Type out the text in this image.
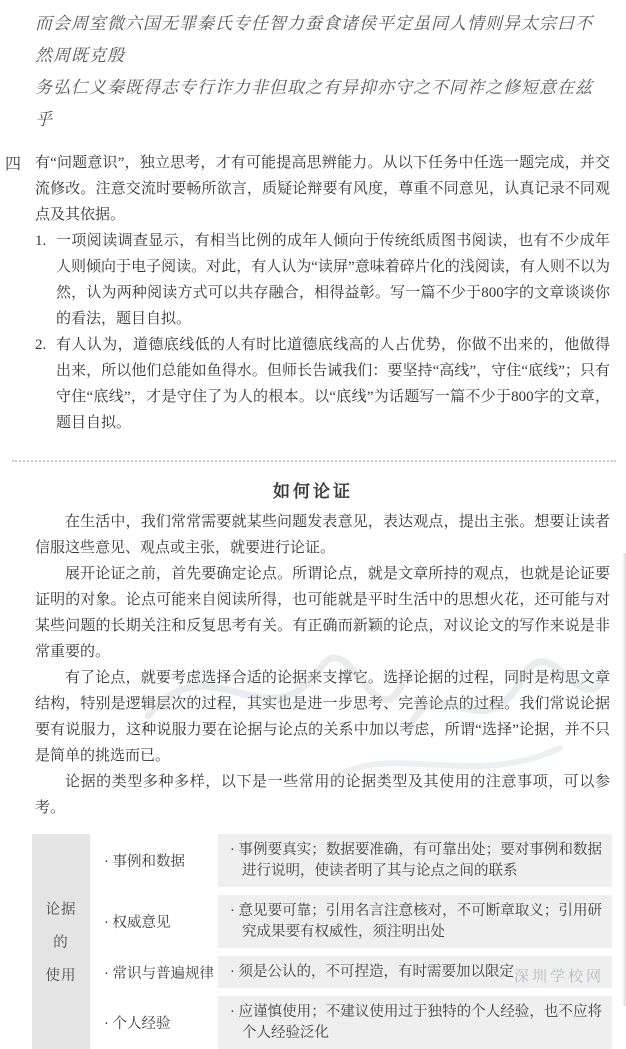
而会周室微六国无罪秦氏专任智力蚕食诸侯平定虽同人情则异太宗曰不然周既克殷
务弘仁义秦既得志专行诈力非但取之有异抑亦守之不同祚之修短意在兹乎
四 有“问题意识”，独立思考，才有可能提高思辨能力。从以下任务中任选一题完成，并交流修改。注意交流时要畅所欲言，质疑论辩要有风度，尊重不同意见，认真记录不同观点及其依据。

1. 一项阅读调查显示，有相当比例的成年人倾向于传统纸质图书阅读，也有不少成年人则倾向于电子阅读。对此，有人认为“读屏”意味着碎片化的浅阅读，有人则不以为然，认为两种阅读方式可以共存融合，相得益彰。写一篇不少于800字的文章谈谈你的看法，题目自拟。
2. 有人认为，道德底线低的人有时比道德底线高的人占优势，你做不出来的，他做得出来，所以他们总能如鱼得水。但师长告诫我们：要坚持“高线”，守住“底线”；只有守住“底线”，才是守住了为人的根本。以“底线”为话题写一篇不少于800字的文章，题目自拟。
如何论证

在生活中，我们常常需要就某些问题发表意见，表达观点，提出主张。想要让读者信服这些意见、观点或主张，就要进行论证。

展开论证之前，首先要确定论点。所谓论点，就是文章所持的观点，也就是论证要证明的对象。论点可能来自阅读所得，也可能就是平时生活中的思想火花，还可能与对某些问题的长期关注和反复思考有关。有正确而新颖的论点，对议论文的写作来说是非常重要的。

有了论点，就要考虑选择合适的论据来支撑它。选择论据的过程，同时是构思文章结构，特别是逻辑层次的过程，其实也是进一步思考、完善论点的过程。我们常说论据要有说服力，这种说服力要在论据与论点的关系中加以考虑，所谓“选择”论据，并不只是简单的挑选而已。

论据的类型多种多样，以下是一些常用的论据类型及其使用的注意事项，可以参考。

论据
的
使用
· 事例和数据
· 事例要真实；数据要准确，有可靠出处；要对事例和数据进行说明，使读者明了其与论点之间的联系
· 权威意见
· 意见要可靠；引用名言注意核对，不可断章取义；引用研究成果要有权威性，须注明出处
· 常识与普遍规律	· 须是公认的，不可捏造，有时需要加以限定
· 个人经验
· 应谨慎使用；不建议使用过于独特的个人经验，也不应将个人经验泛化
深圳学校网
